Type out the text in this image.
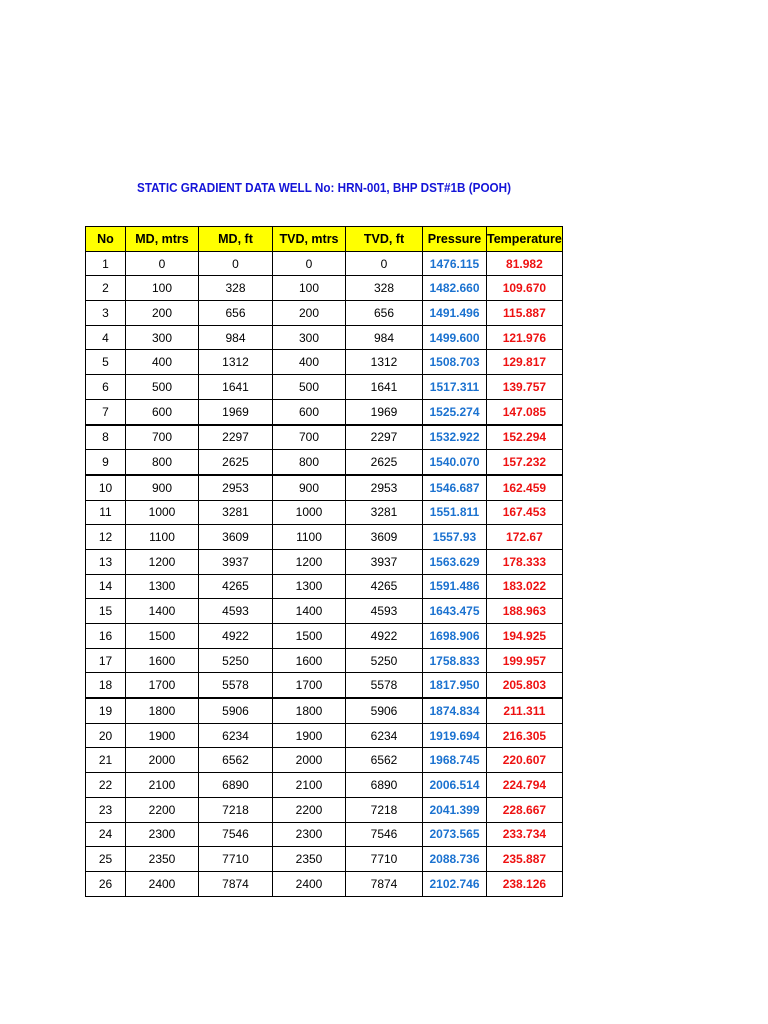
STATIC GRADIENT DATA WELL No: HRN-001, BHP DST#1B (POOH)
No	MD, mtrs	MD, ft	TVD, mtrs	TVD, ft	Pressure	Temperature
1	0	0	0	0	1476.115	81.982
2	100	328	100	328	1482.660	109.670
3	200	656	200	656	1491.496	115.887
4	300	984	300	984	1499.600	121.976
5	400	1312	400	1312	1508.703	129.817
6	500	1641	500	1641	1517.311	139.757
7	600	1969	600	1969	1525.274	147.085
8	700	2297	700	2297	1532.922	152.294
9	800	2625	800	2625	1540.070	157.232
10	900	2953	900	2953	1546.687	162.459
11	1000	3281	1000	3281	1551.811	167.453
12	1100	3609	1100	3609	1557.93	172.67
13	1200	3937	1200	3937	1563.629	178.333
14	1300	4265	1300	4265	1591.486	183.022
15	1400	4593	1400	4593	1643.475	188.963
16	1500	4922	1500	4922	1698.906	194.925
17	1600	5250	1600	5250	1758.833	199.957
18	1700	5578	1700	5578	1817.950	205.803
19	1800	5906	1800	5906	1874.834	211.311
20	1900	6234	1900	6234	1919.694	216.305
21	2000	6562	2000	6562	1968.745	220.607
22	2100	6890	2100	6890	2006.514	224.794
23	2200	7218	2200	7218	2041.399	228.667
24	2300	7546	2300	7546	2073.565	233.734
25	2350	7710	2350	7710	2088.736	235.887
26	2400	7874	2400	7874	2102.746	238.126
